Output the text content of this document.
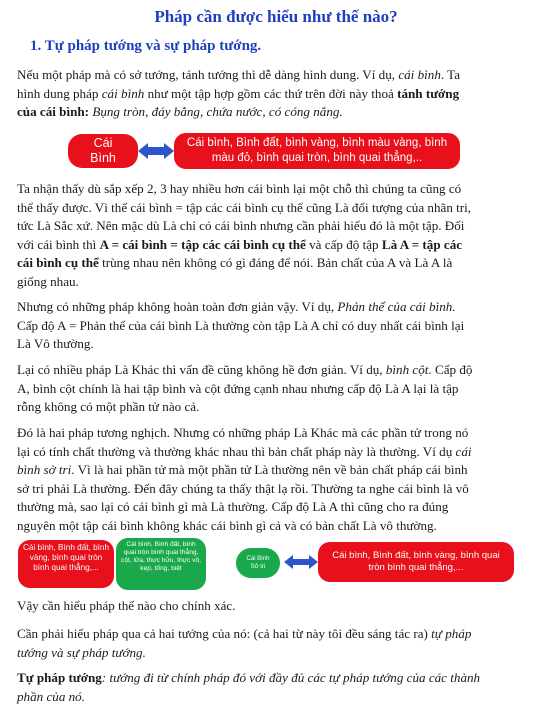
Pháp cần được hiểu như thế nào?
1. Tự pháp tướng và sự pháp tướng.
Nếu một pháp mà có sở tướng, tánh tướng thì dễ dàng hình dung. Ví dụ, cái bình. Ta
hình dung pháp cái bình như một tập hợp gồm các thứ trên đời này thoả tánh tướng
của cái bình: Bụng tròn, đáy bằng, chứa nước, có cóng nắng.
Cái
Bình
Cái bình, Bình đất, bình vàng, bình màu vàng, bình màu đỏ, bình quai tròn, bình quai thẳng,..
Ta nhận thấy dù sắp xếp 2, 3 hay nhiều hơn cái bình lại một chỗ thì chúng ta cũng có
thể thấy được. Vì thế cái bình = tập các cái bình cụ thể cũng Là đối tượng của nhãn tri,
tức Là Sắc xứ. Nên mặc dù Là chỉ có cái bình nhưng cần phải hiểu đó là một tập. Đối
với cái bình thì A = cái bình = tập các cái bình cụ thể và cấp độ tập Là A = tập các
cái bình cụ thể trùng nhau nên không có gì đáng để nói. Bản chất của A và Là A là
giống nhau.
Nhưng có những pháp không hoàn toàn đơn giản vậy. Ví dụ, Phản thể của cái bình.
Cấp độ A = Phản thể của cái bình Là thường còn tập Là A chỉ có duy nhất cái bình lại
Là Vô thường.
Lại có nhiều pháp Là Khác thì vấn đề cũng không hề đơn giản. Ví dụ, bình cột. Cấp độ
A, bình cột chính là hai tập bình và cột đứng cạnh nhau nhưng cấp độ Là A lại là tập
rỗng không có một phần tử nào cả.
Đó là hai pháp tương nghịch. Nhưng có những pháp Là Khác mà các phần tử trong nó
lại có tính chất thường và thường khác nhau thì bản chất pháp này là thường. Ví dụ cái
bình sở tri. Vì là hai phần tử mà một phần tử Là thường nên về bản chất pháp cái bình
sở tri phải Là thường. Đến đây chúng ta thấy thật lạ rồi. Thường ta nghe cái bình là vô
thường mà, sao lại có cái bình gì mà Là thường. Cấp độ Là A thì cũng cho ra đúng
nguyên một tập cái bình không khác cái bình gì cả và có bản chất Là vô thường.
Cái bình, Bình đất, bình vàng, bình quai tròn bình quai thẳng,...
Cái bình, Bình đất, bình quai tròn bình quai thẳng, cột, lửa, thực hữu, thực vô, kẹp, tổng, biệt
Cái Bình
Sở tri
Cái bình, Bình đất, bình vàng, bình quai tròn bình quai thẳng,...
Vậy cần hiểu pháp thế nào cho chính xác.
Cần phải hiểu pháp qua cả hai tướng của nó: (cả hai từ này tôi đều sáng tác ra) tự pháp
tướng và sự pháp tướng.
Tự pháp tướng: tướng đi từ chính pháp đó với đầy đủ các tự pháp tướng của các thành
phần của nó.
